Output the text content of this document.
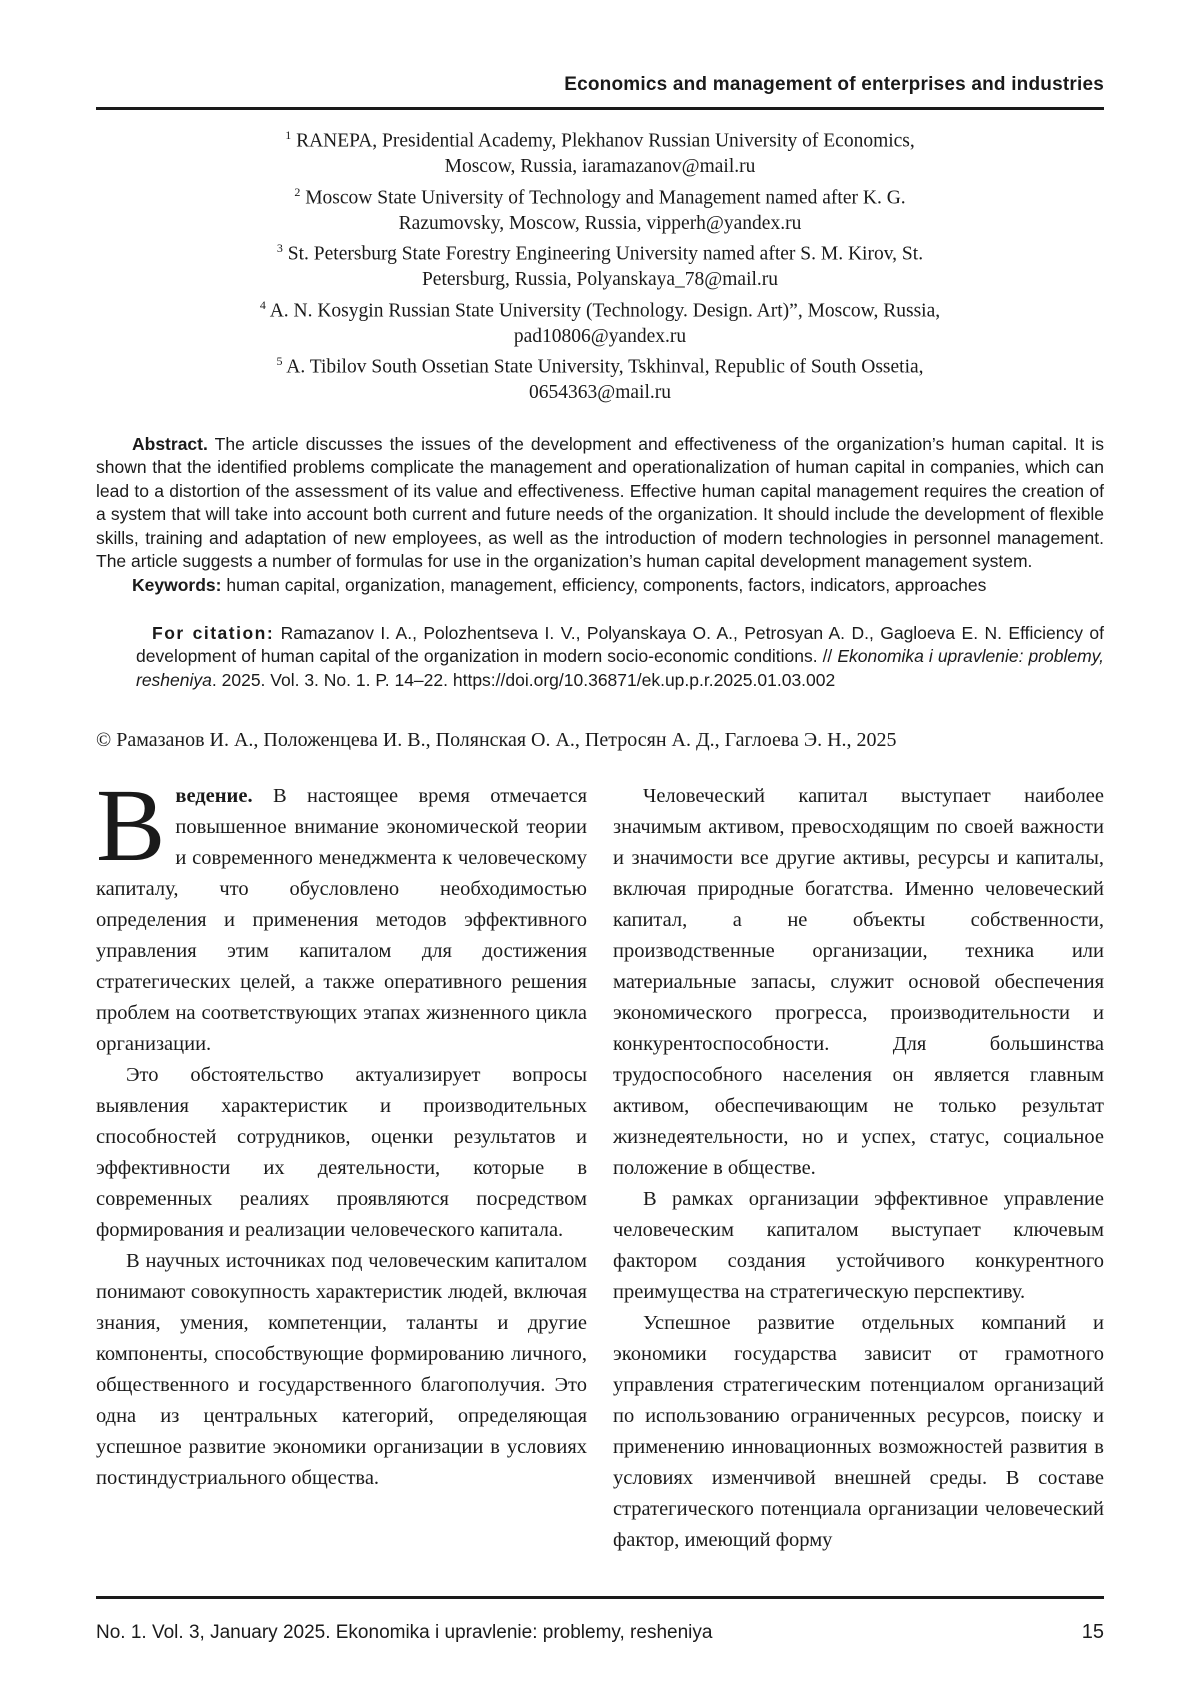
Economics and management of enterprises and industries

$^1$ RANEPA, Presidential Academy, Plekhanov Russian University of Economics, Moscow, Russia, iaramazanov@mail.ru

$^2$ Moscow State University of Technology and Management named after K. G. Razumovsky, Moscow, Russia, vipperh@yandex.ru

$^3$ St. Petersburg State Forestry Engineering University named after S. M. Kirov, St. Petersburg, Russia, Polyanskaya_78@mail.ru

$^4$ A. N. Kosygin Russian State University (Technology. Design. Art)”, Moscow, Russia, pad10806@yandex.ru

$^5$ A. Tibilov South Ossetian State University, Tskhinval, Republic of South Ossetia, 0654363@mail.ru

Abstract. The article discusses the issues of the development and effectiveness of the organization’s human capital. It is shown that the identified problems complicate the management and operationalization of human capital in companies, which can lead to a distortion of the assessment of its value and effectiveness. Effective human capital management requires the creation of a system that will take into account both current and future needs of the organization. It should include the development of flexible skills, training and adaptation of new employees, as well as the introduction of modern technologies in personnel management. The article suggests a number of formulas for use in the organization’s human capital development management system.

Keywords: human capital, organization, management, efficiency, components, factors, indicators, approaches

For citation: Ramazanov I. A., Polozhentseva I. V., Polyanskaya O. A., Petrosyan A. D., Gagloeva E. N. Efficiency of development of human capital of the organization in modern socio-economic conditions. // Ekonomika i upravlenie: problemy, resheniya. 2025. Vol. 3. No. 1. P. 14–22. https://doi.org/10.36871/ek.up.p.r.2025.01.03.002
© Рамазанов И. А., Положенцева И. В., Полянская О. А., Петросян А. Д., Гаглоева Э. Н., 2025

Введение. В настоящее время отмечается повышенное внимание экономической теории и современного менеджмента к человеческому капиталу, что обусловлено необходимостью определения и применения методов эффективного управления этим капиталом для достижения стратегических целей, а также оперативного решения проблем на соответствующих этапах жизненного цикла организации.

Это обстоятельство актуализирует вопросы выявления характеристик и производительных способностей сотрудников, оценки результатов и эффективности их деятельности, которые в современных реалиях проявляются посредством формирования и реализации человеческого капитала.

В научных источниках под человеческим капиталом понимают совокупность характеристик людей, включая знания, умения, компетенции, таланты и другие компоненты, способствующие формированию личного, общественного и государственного благополучия. Это одна из центральных категорий, определяющая успешное развитие экономики организации в условиях постиндустриального общества.

Человеческий капитал выступает наиболее значимым активом, превосходящим по своей важности и значимости все другие активы, ресурсы и капиталы, включая природные богатства. Именно человеческий капитал, а не объекты собственности, производственные организации, техника или материальные запасы, служит основой обеспечения экономического прогресса, производительности и конкурентоспособности. Для большинства трудоспособного населения он является главным активом, обеспечивающим не только результат жизнедеятельности, но и успех, статус, социальное положение в обществе.

В рамках организации эффективное управление человеческим капиталом выступает ключевым фактором создания устойчивого конкурентного преимущества на стратегическую перспективу.

Успешное развитие отдельных компаний и экономики государства зависит от грамотного управления стратегическим потенциалом организаций по использованию ограниченных ресурсов, поиску и применению инновационных возможностей развития в условиях изменчивой внешней среды. В составе стратегического потенциала организации человеческий фактор, имеющий форму

No. 1. Vol. 3, January 2025. Ekonomika i upravlenie: problemy, resheniya	15
